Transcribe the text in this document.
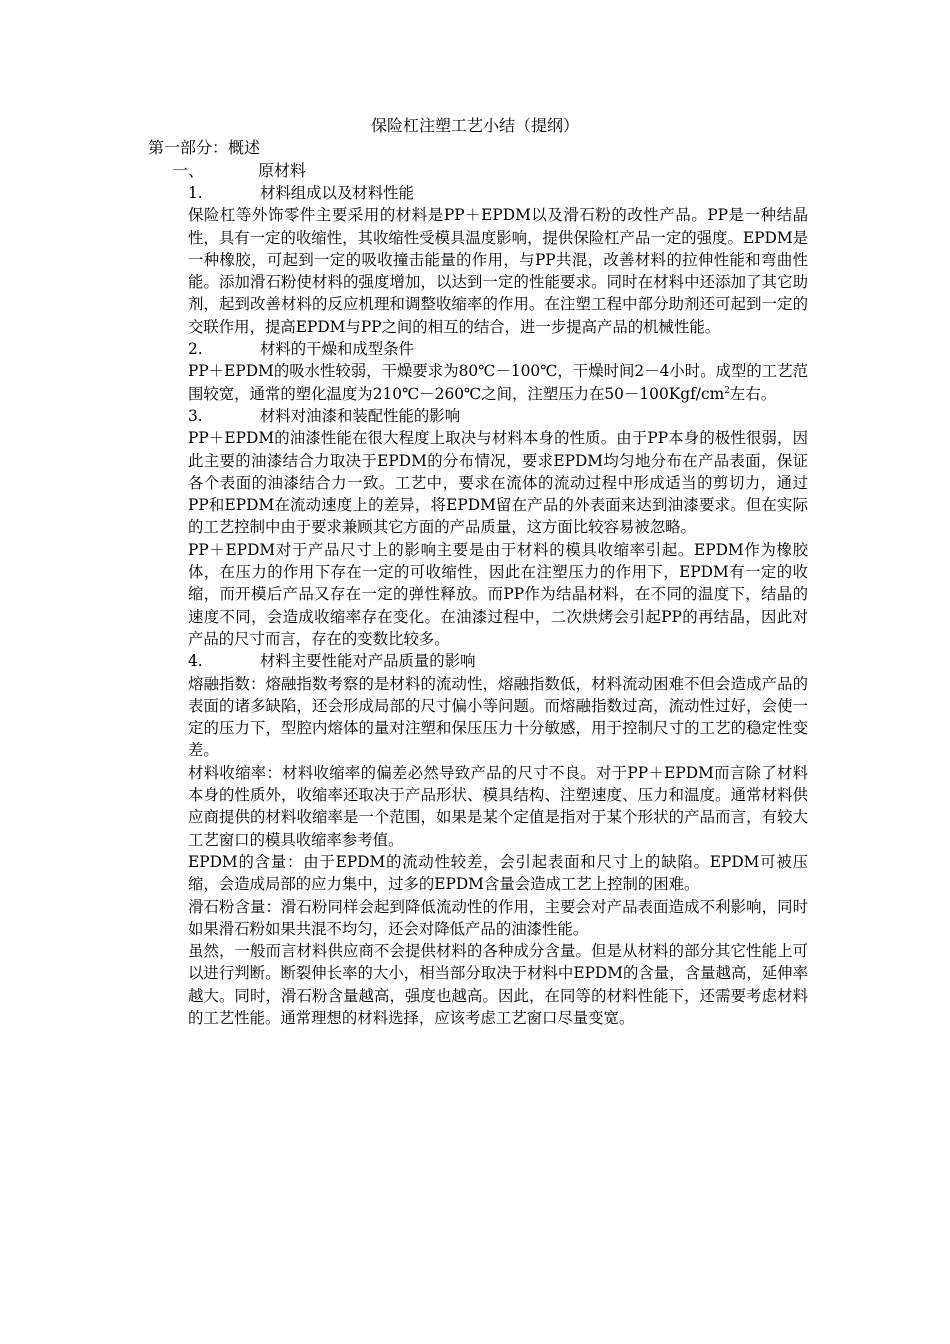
保险杠注塑工艺小结（提纲）
第一部分：概述
一、	原材料

1.	材料组成以及材料性能

保险杠等外饰零件主要采用的材料是PP＋EPDM以及滑石粉的改性产品。PP是一种结晶性，具有一定的收缩性，其收缩性受模具温度影响，提供保险杠产品一定的强度。EPDM是一种橡胶，可起到一定的吸收撞击能量的作用，与PP共混，改善材料的拉伸性能和弯曲性能。添加滑石粉使材料的强度增加，以达到一定的性能要求。同时在材料中还添加了其它助剂，起到改善材料的反应机理和调整收缩率的作用。在注塑工程中部分助剂还可起到一定的交联作用，提高EPDM与PP之间的相互的结合，进一步提高产品的机械性能。

2.	材料的干燥和成型条件

PP＋EPDM的吸水性较弱，干燥要求为80℃－100℃，干燥时间2－4小时。成型的工艺范围较宽，通常的塑化温度为210℃－260℃之间，注塑压力在$50-100Kgf/cm^2$左右。

3.	材料对油漆和装配性能的影响

PP＋EPDM的油漆性能在很大程度上取决与材料本身的性质。由于PP本身的极性很弱，因此主要的油漆结合力取决于EPDM的分布情况，要求EPDM均匀地分布在产品表面，保证各个表面的油漆结合力一致。工艺中，要求在流体的流动过程中形成适当的剪切力，通过PP和EPDM在流动速度上的差异，将EPDM留在产品的外表面来达到油漆要求。但在实际的工艺控制中由于要求兼顾其它方面的产品质量，这方面比较容易被忽略。

PP＋EPDM对于产品尺寸上的影响主要是由于材料的模具收缩率引起。EPDM作为橡胶体，在压力的作用下存在一定的可收缩性，因此在注塑压力的作用下，EPDM有一定的收缩，而开模后产品又存在一定的弹性释放。而PP作为结晶材料，在不同的温度下，结晶的速度不同，会造成收缩率存在变化。在油漆过程中，二次烘烤会引起PP的再结晶，因此对产品的尺寸而言，存在的变数比较多。

4.	材料主要性能对产品质量的影响

熔融指数：熔融指数考察的是材料的流动性，熔融指数低，材料流动困难不但会造成产品的表面的诸多缺陷，还会形成局部的尺寸偏小等问题。而熔融指数过高，流动性过好，会使一定的压力下，型腔内熔体的量对注塑和保压压力十分敏感，用于控制尺寸的工艺的稳定性变差。

材料收缩率：材料收缩率的偏差必然导致产品的尺寸不良。对于PP＋EPDM而言除了材料本身的性质外，收缩率还取决于产品形状、模具结构、注塑速度、压力和温度。通常材料供应商提供的材料收缩率是一个范围，如果是某个定值是指对于某个形状的产品而言，有较大工艺窗口的模具收缩率参考值。

EPDM的含量：由于EPDM的流动性较差，会引起表面和尺寸上的缺陷。EPDM可被压缩，会造成局部的应力集中，过多的EPDM含量会造成工艺上控制的困难。

滑石粉含量：滑石粉同样会起到降低流动性的作用，主要会对产品表面造成不利影响，同时如果滑石粉如果共混不均匀，还会对降低产品的油漆性能。

虽然，一般而言材料供应商不会提供材料的各种成分含量。但是从材料的部分其它性能上可以进行判断。断裂伸长率的大小，相当部分取决于材料中EPDM的含量，含量越高，延伸率越大。同时，滑石粉含量越高，强度也越高。因此，在同等的材料性能下，还需要考虑材料的工艺性能。通常理想的材料选择，应该考虑工艺窗口尽量变宽。
